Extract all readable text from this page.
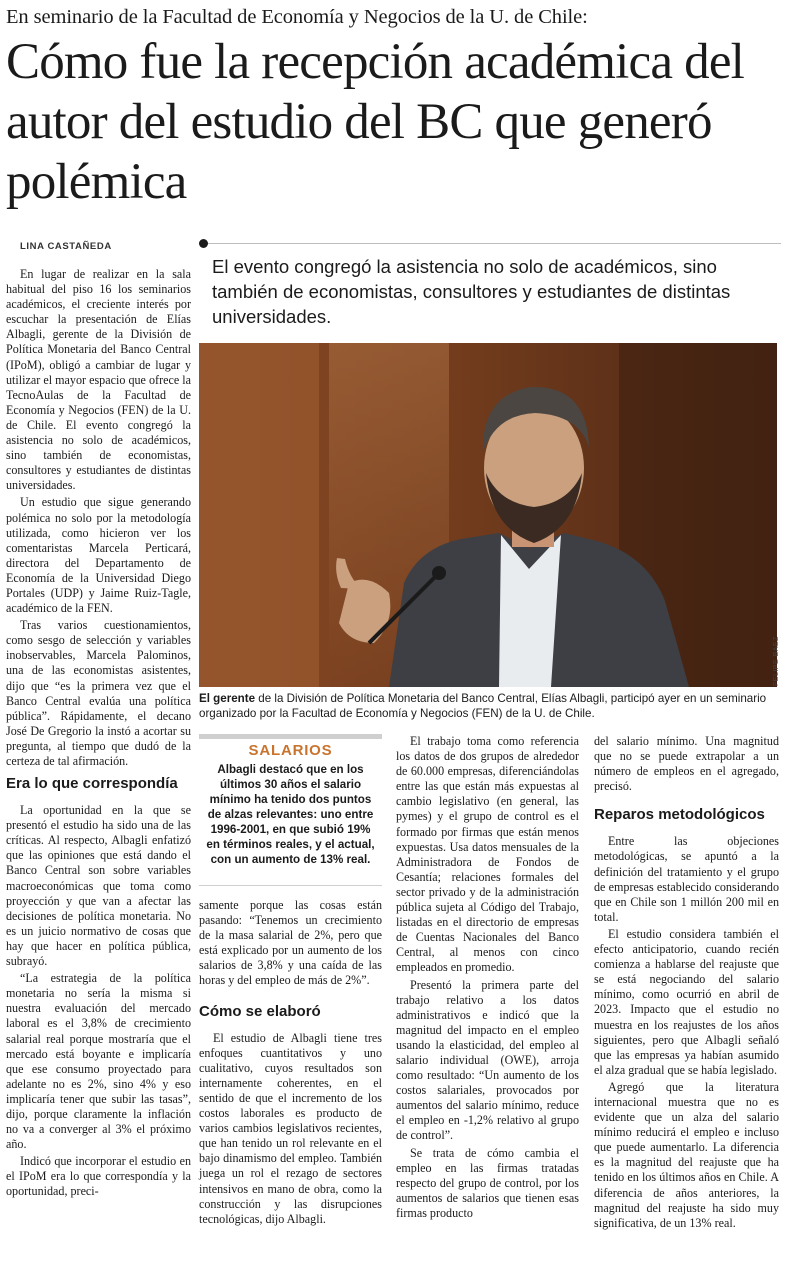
En seminario de la Facultad de Economía y Negocios de la U. de Chile:
Cómo fue la recepción académica del autor del estudio del BC que generó polémica
LINA CASTAÑEDA
El evento congregó la asistencia no solo de académicos, sino también de economistas, consultores y estudiantes de distintas universidades.

En lugar de realizar en la sala habitual del piso 16 los seminarios académicos, el creciente interés por escuchar la presentación de Elías Albagli, gerente de la División de Política Monetaria del Banco Central (IPoM), obligó a cambiar de lugar y utilizar el mayor espacio que ofrece la TecnoAulas de la Facultad de Economía y Negocios (FEN) de la U. de Chile. El evento congregó la asistencia no solo de académicos, sino también de economistas, consultores y estudiantes de distintas universidades.

Un estudio que sigue generando polémica no solo por la metodología utilizada, como hicieron ver los comentaristas Marcela Perticará, directora del Departamento de Economía de la Universidad Diego Portales (UDP) y Jaime Ruiz-Tagle, académico de la FEN.

Tras varios cuestionamientos, como sesgo de selección y variables inobservables, Marcela Palominos, una de las economistas asistentes, dijo que “es la primera vez que el Banco Central evalúa una política pública”. Rápidamente, el decano José De Gregorio la instó a acortar su pregunta, al tiempo que dudó de la certeza de tal afirmación.

Era lo que correspondía

La oportunidad en la que se presentó el estudio ha sido una de las críticas. Al respecto, Albagli enfatizó que las opiniones que está dando el Banco Central son sobre variables macroeconómicas que toma como proyección y que van a afectar las decisiones de política monetaria. No es un juicio normativo de cosas que hay que hacer en política pública, subrayó.

“La estrategia de la política monetaria no sería la misma si nuestra evaluación del mercado laboral es el 3,8% de crecimiento salarial real porque mostraría que el mercado está boyante e implicaría que ese consumo proyectado para adelante no es 2%, sino 4% y eso implicaría tener que subir las tasas”, dijo, porque claramente la inflación no va a converger al 3% el próximo año.

Indicó que incorporar el estudio en el IPoM era lo que correspondía y la oportunidad, preci-

FELIPE BAEZ
El gerente de la División de Política Monetaria del Banco Central, Elías Albagli, participó ayer en un seminario organizado por la Facultad de Economía y Negocios (FEN) de la U. de Chile.
SALARIOS
Albagli destacó que en los últimos 30 años el salario mínimo ha tenido dos puntos de alzas relevantes: uno entre 1996-2001, en que subió 19% en términos reales, y el actual, con un aumento de 13% real.

samente porque las cosas están pasando: “Tenemos un crecimiento de la masa salarial de 2%, pero que está explicado por un aumento de los salarios de 3,8% y una caída de las horas y del empleo de más de 2%”.

Cómo se elaboró

El estudio de Albagli tiene tres enfoques cuantitativos y uno cualitativo, cuyos resultados son internamente coherentes, en el sentido de que el incremento de los costos laborales es producto de varios cambios legislativos recientes, que han tenido un rol relevante en el bajo dinamismo del empleo. También juega un rol el rezago de sectores intensivos en mano de obra, como la construcción y las disrupciones tecnológicas, dijo Albagli.

El trabajo toma como referencia los datos de dos grupos de alrededor de 60.000 empresas, diferenciándolas entre las que están más expuestas al cambio legislativo (en general, las pymes) y el grupo de control es el formado por firmas que están menos expuestas. Usa datos mensuales de la Administradora de Fondos de Cesantía; relaciones formales del sector privado y de la administración pública sujeta al Código del Trabajo, listadas en el directorio de empresas de Cuentas Nacionales del Banco Central, al menos con cinco empleados en promedio.

Presentó la primera parte del trabajo relativo a los datos administrativos e indicó que la magnitud del impacto en el empleo usando la elasticidad, del empleo al salario individual (OWE), arroja como resultado: “Un aumento de los costos salariales, provocados por aumentos del salario mínimo, reduce el empleo en -1,2% relativo al grupo de control”.

Se trata de cómo cambia el empleo en las firmas tratadas respecto del grupo de control, por los aumentos de salarios que tienen esas firmas producto

del salario mínimo. Una magnitud que no se puede extrapolar a un número de empleos en el agregado, precisó.

Reparos metodológicos

Entre las objeciones metodológicas, se apuntó a la definición del tratamiento y el grupo de empresas establecido considerando que en Chile son 1 millón 200 mil en total.

El estudio considera también el efecto anticipatorio, cuando recién comienza a hablarse del reajuste que se está negociando del salario mínimo, como ocurrió en abril de 2023. Impacto que el estudio no muestra en los reajustes de los años siguientes, pero que Albagli señaló que las empresas ya habían asumido el alza gradual que se había legislado.

Agregó que la literatura internacional muestra que no es evidente que un alza del salario mínimo reducirá el empleo e incluso que puede aumentarlo. La diferencia es la magnitud del reajuste que ha tenido en los últimos años en Chile. A diferencia de años anteriores, la magnitud del reajuste ha sido muy significativa, de un 13% real.
